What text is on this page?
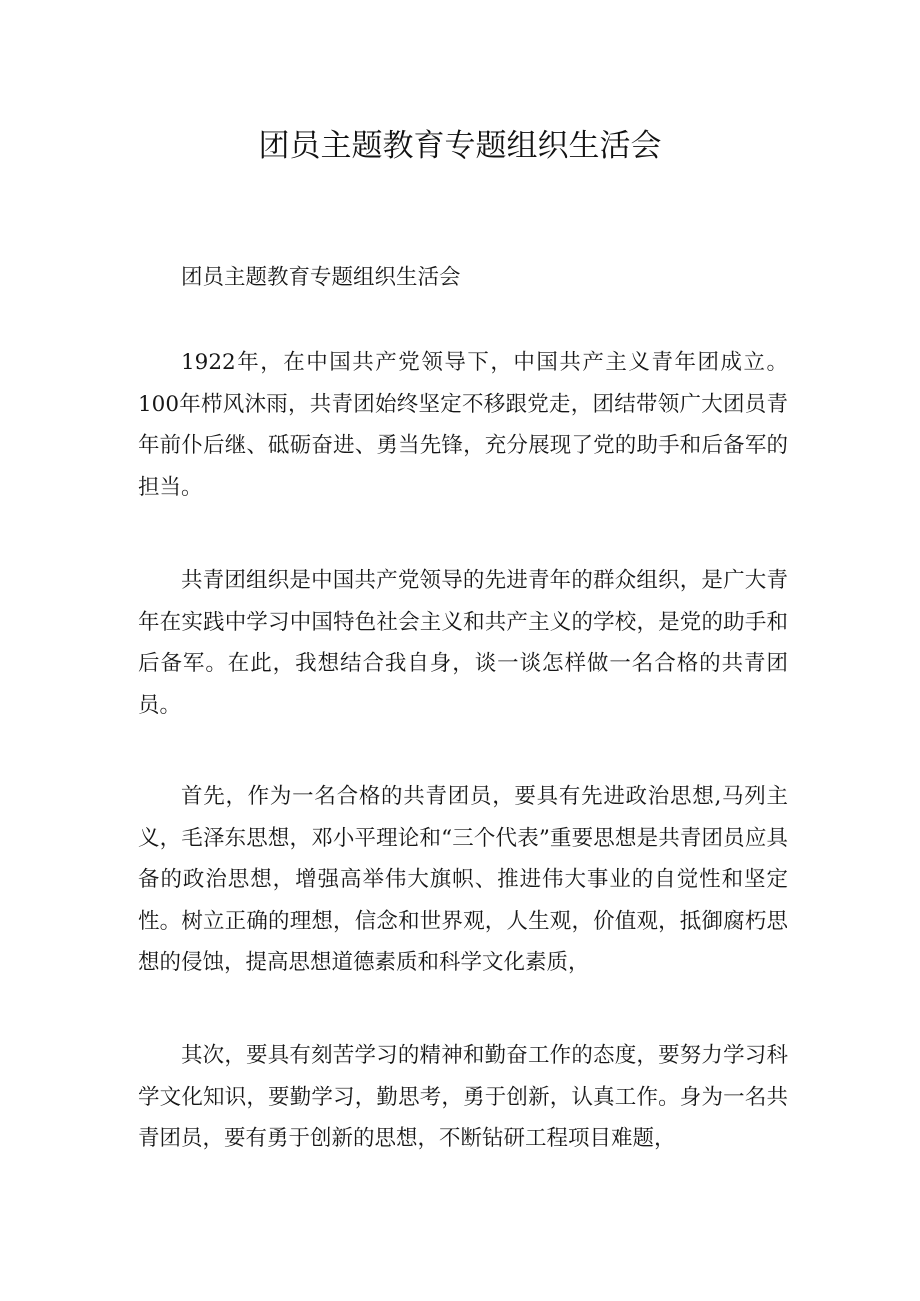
团员主题教育专题组织生活会

团员主题教育专题组织生活会

1922年，在中国共产党领导下，中国共产主义青年团成立。100年栉风沐雨，共青团始终坚定不移跟党走，团结带领广大团员青年前仆后继、砥砺奋进、勇当先锋，充分展现了党的助手和后备军的担当。

共青团组织是中国共产党领导的先进青年的群众组织，是广大青年在实践中学习中国特色社会主义和共产主义的学校，是党的助手和后备军。在此，我想结合我自身，谈一谈怎样做一名合格的共青团员。

首先，作为一名合格的共青团员，要具有先进政治思想,马列主义，毛泽东思想，邓小平理论和“三个代表”重要思想是共青团员应具备的政治思想，增强高举伟大旗帜、推进伟大事业的自觉性和坚定性。树立正确的理想，信念和世界观，人生观，价值观，抵御腐朽思想的侵蚀，提高思想道德素质和科学文化素质，

其次，要具有刻苦学习的精神和勤奋工作的态度，要努力学习科学文化知识，要勤学习，勤思考，勇于创新，认真工作。身为一名共青团员，要有勇于创新的思想，不断钻研工程项目难题，
